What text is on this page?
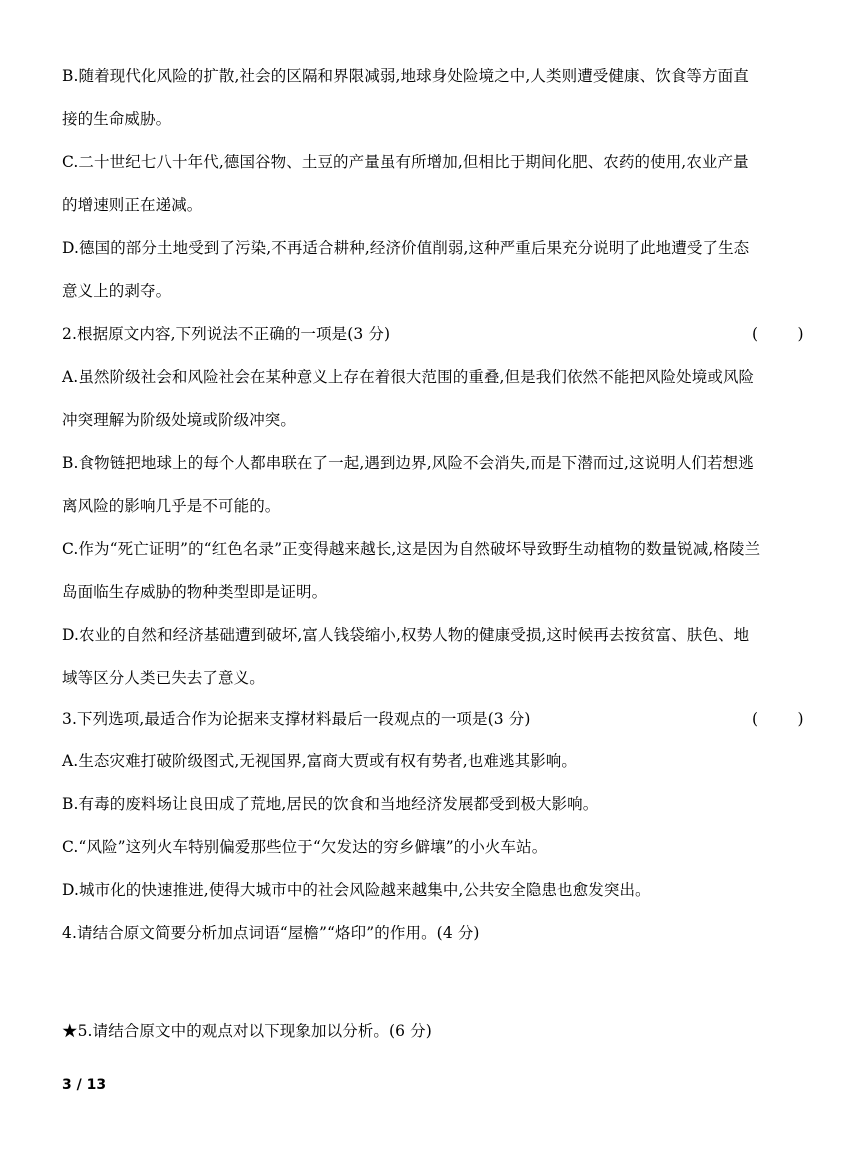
B.随着现代化风险的扩散,社会的区隔和界限减弱,地球身处险境之中,人类则遭受健康、饮食等方面直
接的生命威胁。
C.二十世纪七八十年代,德国谷物、土豆的产量虽有所增加,但相比于期间化肥、农药的使用,农业产量
的增速则正在递减。
D.德国的部分土地受到了污染,不再适合耕种,经济价值削弱,这种严重后果充分说明了此地遭受了生态
意义上的剥夺。
2.根据原文内容,下列说法不正确的一项是(3 分)	(        )
A.虽然阶级社会和风险社会在某种意义上存在着很大范围的重叠,但是我们依然不能把风险处境或风险
冲突理解为阶级处境或阶级冲突。
B.食物链把地球上的每个人都串联在了一起,遇到边界,风险不会消失,而是下潜而过,这说明人们若想逃
离风险的影响几乎是不可能的。
C.作为“死亡证明”的“红色名录”正变得越来越长,这是因为自然破坏导致野生动植物的数量锐减,格陵兰
岛面临生存威胁的物种类型即是证明。
D.农业的自然和经济基础遭到破坏,富人钱袋缩小,权势人物的健康受损,这时候再去按贫富、肤色、地
域等区分人类已失去了意义。
3.下列选项,最适合作为论据来支撑材料最后一段观点的一项是(3 分)	(        )
A.生态灾难打破阶级图式,无视国界,富商大贾或有权有势者,也难逃其影响。
B.有毒的废料场让良田成了荒地,居民的饮食和当地经济发展都受到极大影响。
C.“风险”这列火车特别偏爱那些位于“欠发达的穷乡僻壤”的小火车站。
D.城市化的快速推进,使得大城市中的社会风险越来越集中,公共安全隐患也愈发突出。
4.请结合原文简要分析加点词语“屋檐”“烙印”的作用。(4 分)
★5.请结合原文中的观点对以下现象加以分析。(6 分)
3 / 13
